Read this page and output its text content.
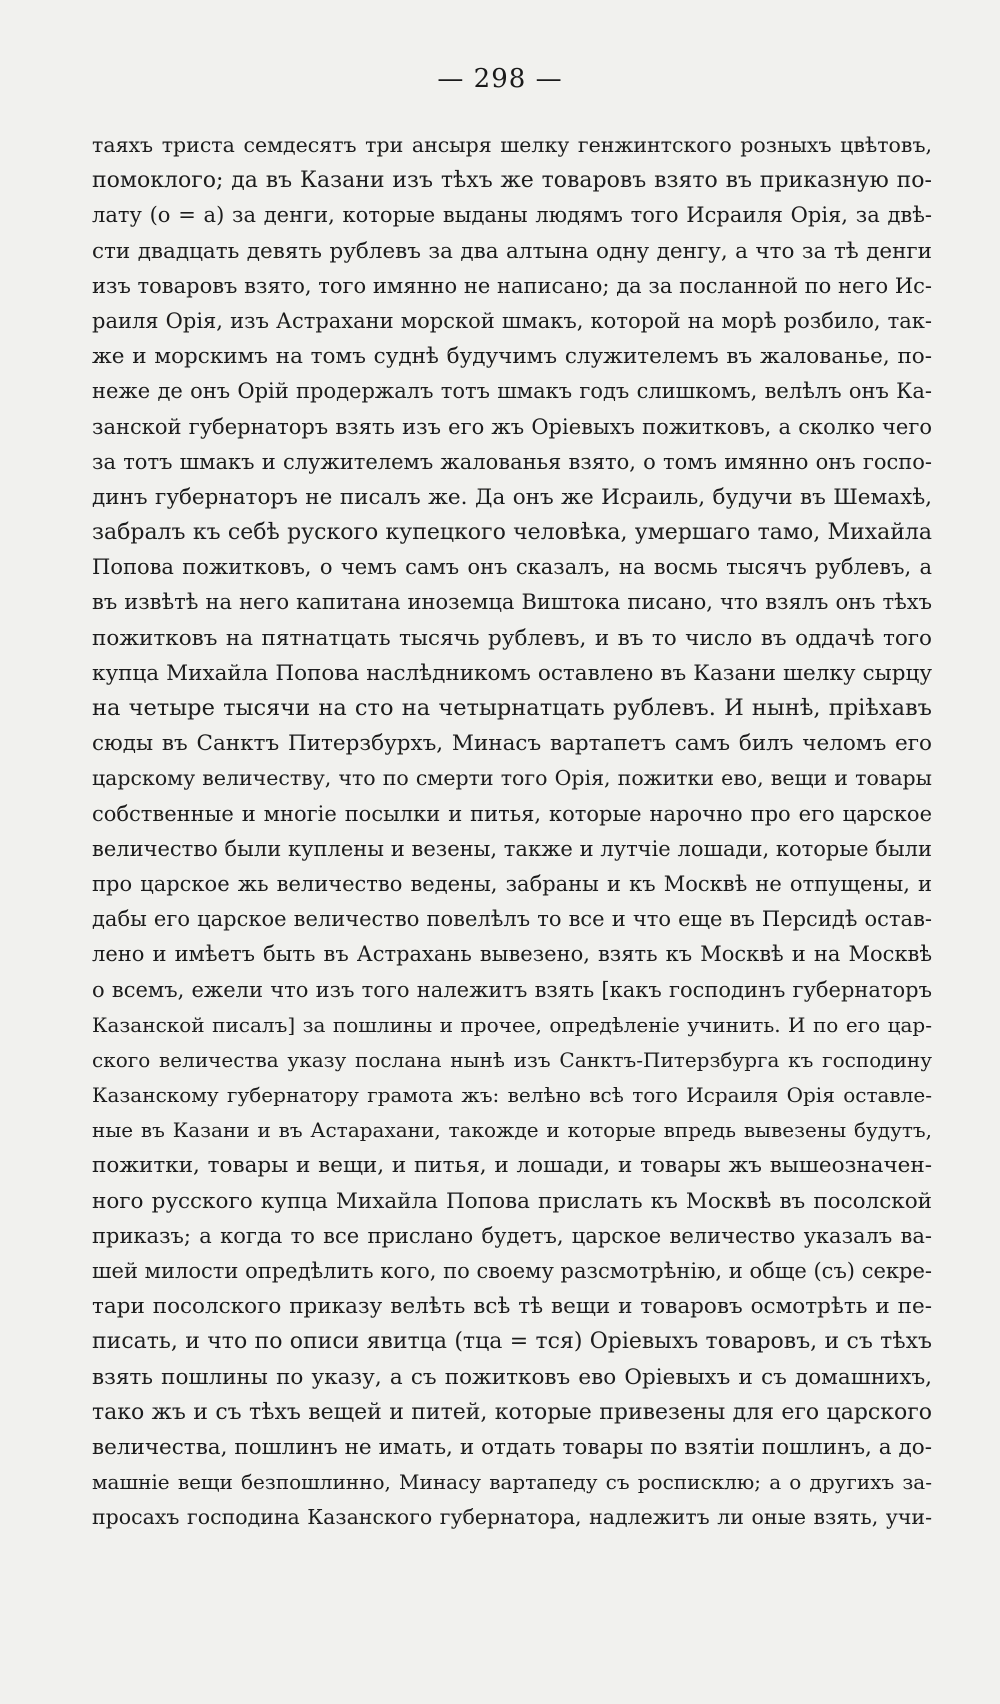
— 298 —
таяхъ триста семдесятъ три ансыря шелку генжинтского розныхъ цвѣтовъ,
помоклого; да въ Казани изъ тѣхъ же товаровъ взято въ приказную по-
лату (о = а) за денги, которые выданы людямъ того Исраиля Орія, за двѣ-
сти двадцать девять рублевъ за два алтына одну денгу, а что за тѣ денги
изъ товаровъ взято, того имянно не написано; да за посланной по него Ис-
раиля Орія, изъ Астрахани морской шмакъ, которой на морѣ розбило, так-
же и морскимъ на томъ суднѣ будучимъ служителемъ въ жалованье, по-
неже де онъ Орій продержалъ тотъ шмакъ годъ слишкомъ, велѣлъ онъ Ка-
занской губернаторъ взять изъ его жъ Оріевыхъ пожитковъ, а сколко чего
за тотъ шмакъ и служителемъ жалованья взято, о томъ имянно онъ госпо-
динъ губернаторъ не писалъ же. Да онъ же Исраиль, будучи въ Шемахѣ,
забралъ къ себѣ руского купецкого человѣка, умершаго тамо, Михайла
Попова пожитковъ, о чемъ самъ онъ сказалъ, на восмь тысячъ рублевъ, а
въ извѣтѣ на него капитана иноземца Виштока писано, что взялъ онъ тѣхъ
пожитковъ на пятнатцать тысячь рублевъ, и въ то число въ оддачѣ того
купца Михайла Попова наслѣдникомъ оставлено въ Казани шелку сырцу
на четыре тысячи на сто на четырнатцать рублевъ. И нынѣ, пріѣхавъ
сюды въ Санктъ Питерзбурхъ, Минасъ вартапетъ самъ билъ челомъ его
царскому величеству, что по смерти того Орія, пожитки ево, вещи и товары
собственные и многіе посылки и питья, которые нарочно про его царское
величество были куплены и везены, также и лутчіе лошади, которые были
про царское жь величество ведены, забраны и къ Москвѣ не отпущены, и
дабы его царское величество повелѣлъ то все и что еще въ Персидѣ остав-
лено и имѣетъ быть въ Астрахань вывезено, взять къ Москвѣ и на Москвѣ
о всемъ, ежели что изъ того належитъ взять [какъ господинъ губернаторъ
Казанской писалъ] за пошлины и прочее, опредѣленіе учинить. И по его цар-
ского величества указу послана нынѣ изъ Санктъ-Питерзбурга къ господину
Казанскому губернатору грамота жъ: велѣно всѣ того Исраиля Орія оставле-
ные въ Казани и въ Астарахани, такожде и которые впредь вывезены будутъ,
пожитки, товары и вещи, и питья, и лошади, и товары жъ вышеозначен-
ного русского купца Михайла Попова прислать къ Москвѣ въ посолской
приказъ; а когда то все прислано будетъ, царское величество указалъ ва-
шей милости опредѣлить кого, по своему разсмотрѣнію, и обще (съ) секре-
тари посолского приказу велѣть всѣ тѣ вещи и товаровъ осмотрѣть и пе-
писать, и что по описи явитца (тца = тся) Оріевыхъ товаровъ, и съ тѣхъ
взять пошлины по указу, а съ пожитковъ ево Оріевыхъ и съ домашнихъ,
тако жъ и съ тѣхъ вещей и питей, которые привезены для его царского
величества, пошлинъ не имать, и отдать товары по взятіи пошлинъ, а до-
машніе вещи безпошлинно, Минасу вартапеду съ росписклю; а о другихъ за-
просахъ господина Казанского губернатора, надлежитъ ли оные взять, учи-
